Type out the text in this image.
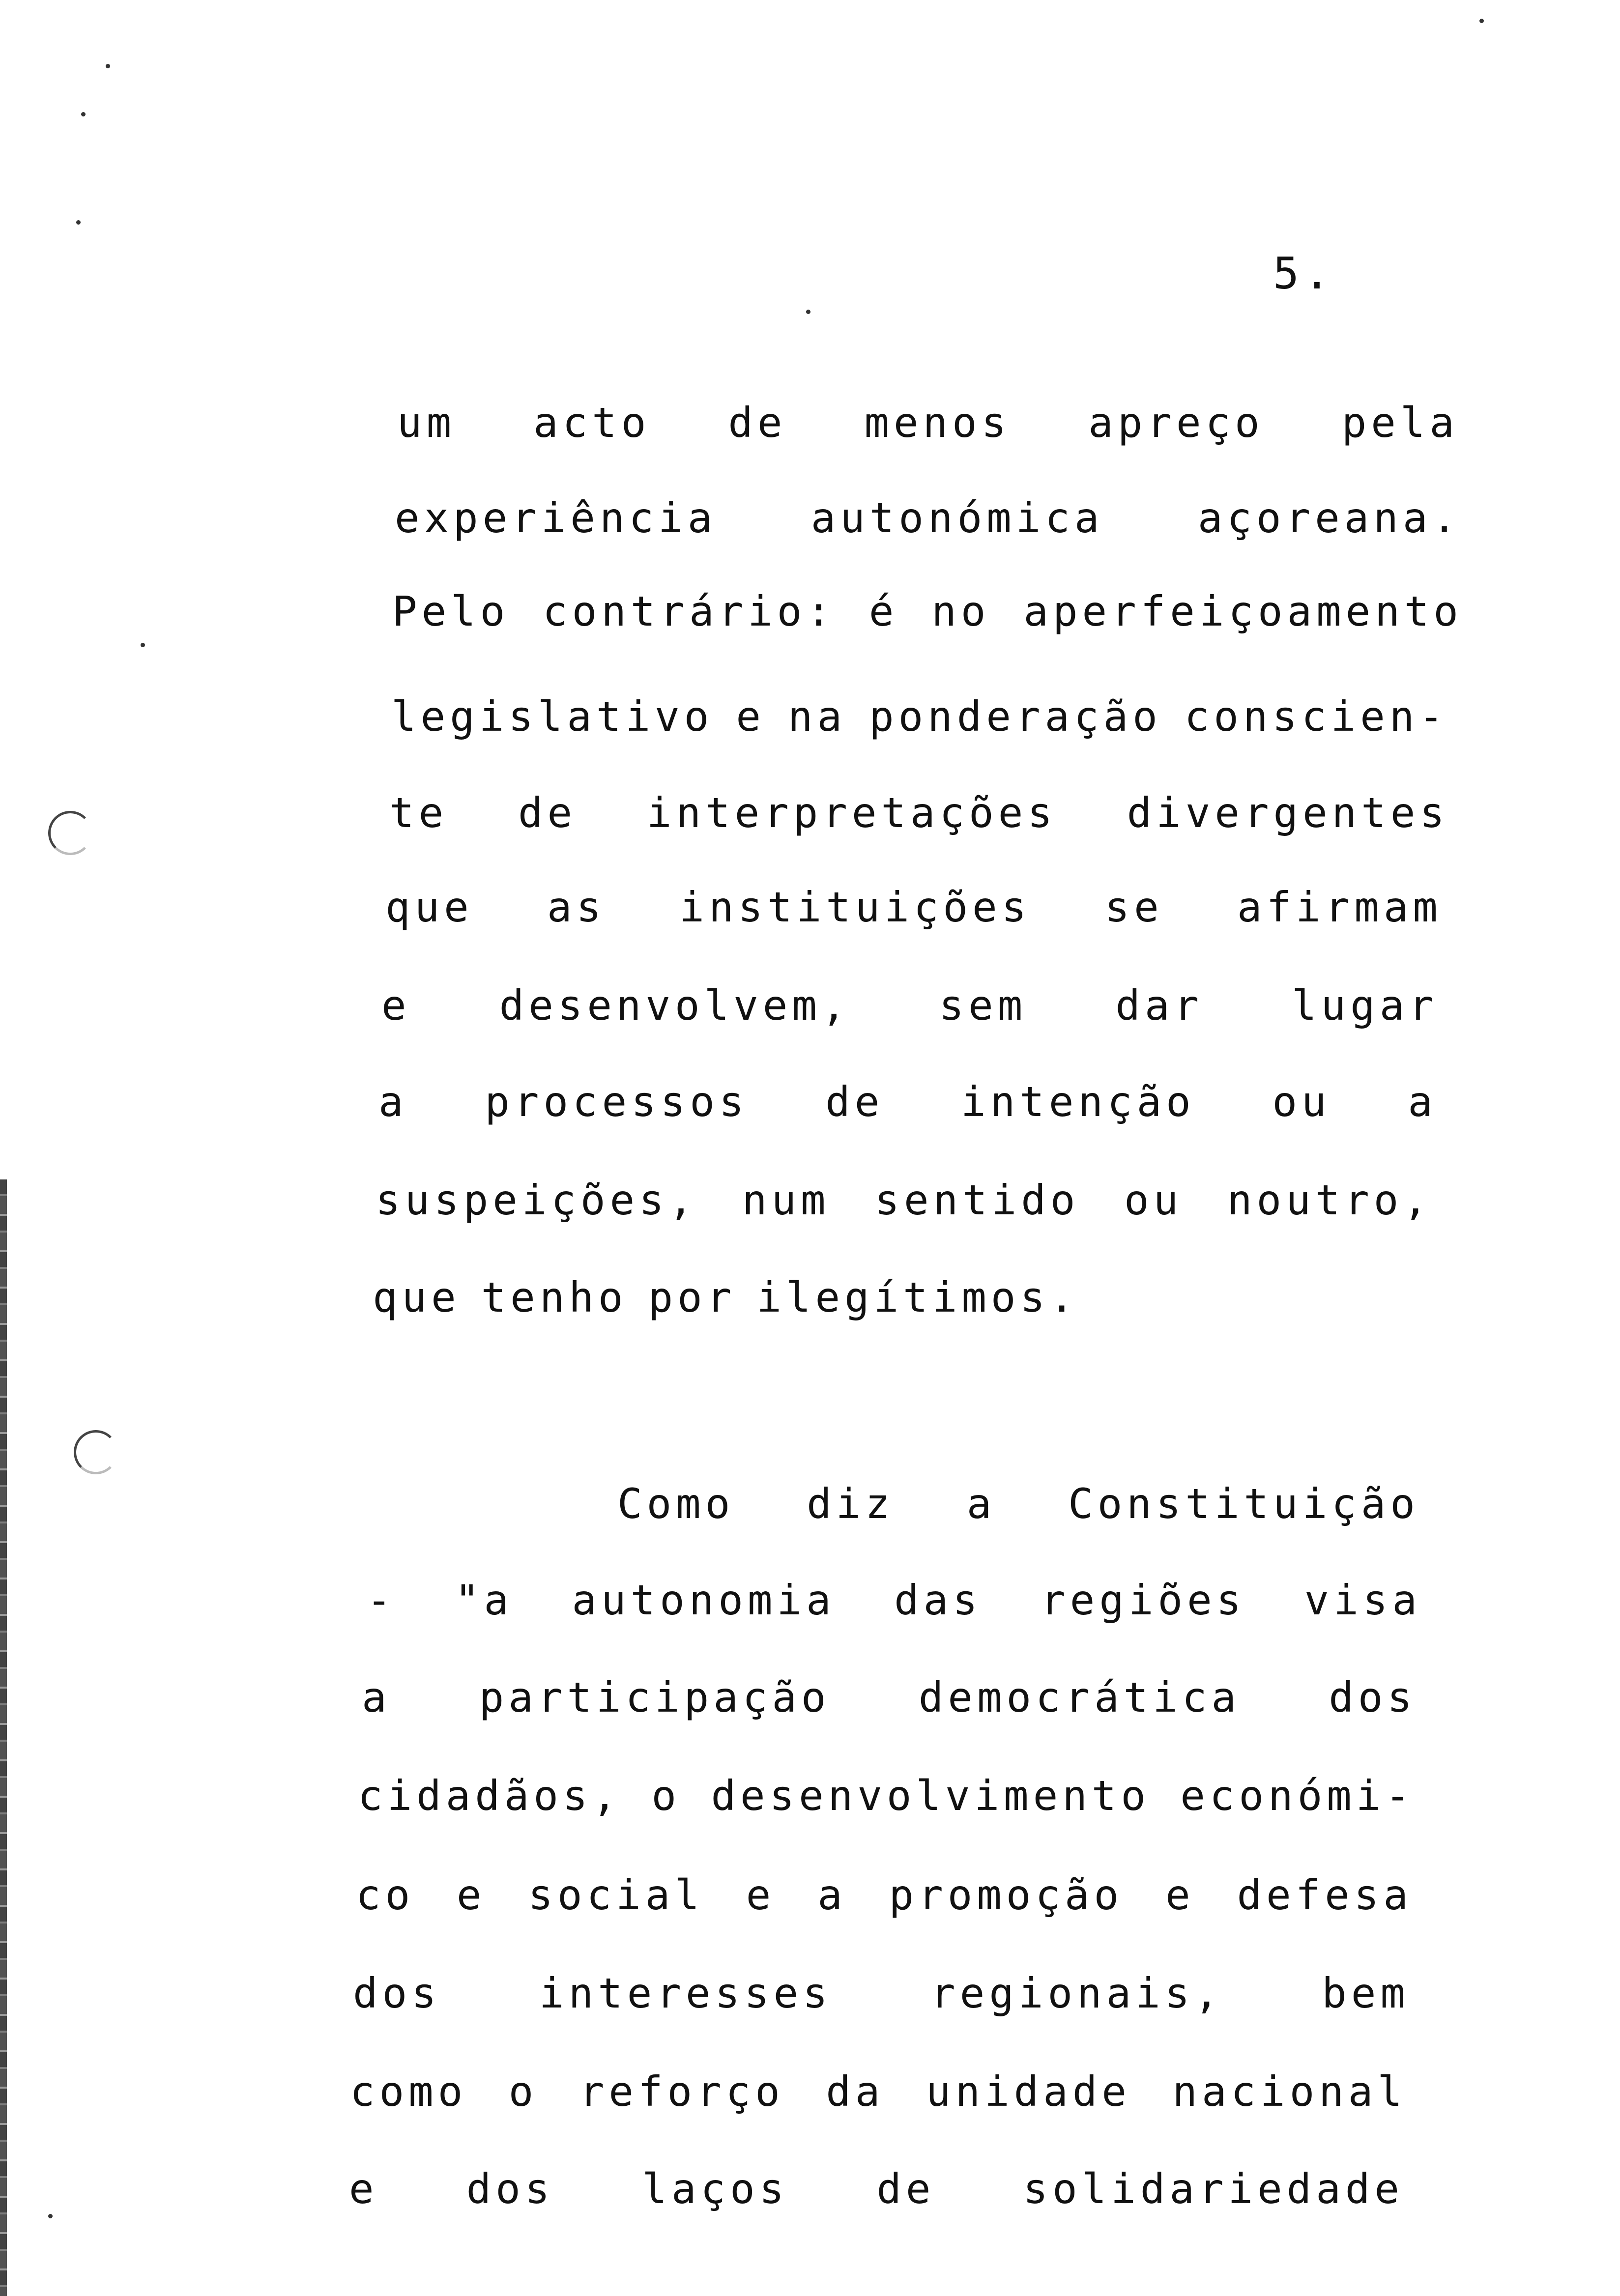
5.
um acto de menos apreço pela
experiência autonómica açoreana.
Pelo contrário: é no aperfeiçoamento
legislativo e na ponderação conscien-
te de interpretações divergentes
que as instituições se afirmam
e desenvolvem, sem dar lugar
a processos de intenção ou a
suspeições, num sentido ou noutro,
que tenho por ilegítimos.
Como diz a Constituição
- "a autonomia das regiões visa
a participação democrática dos
cidadãos, o desenvolvimento económi-
co e social e a promoção e defesa
dos interesses regionais, bem
como o reforço da unidade nacional
e dos laços de solidariedade
